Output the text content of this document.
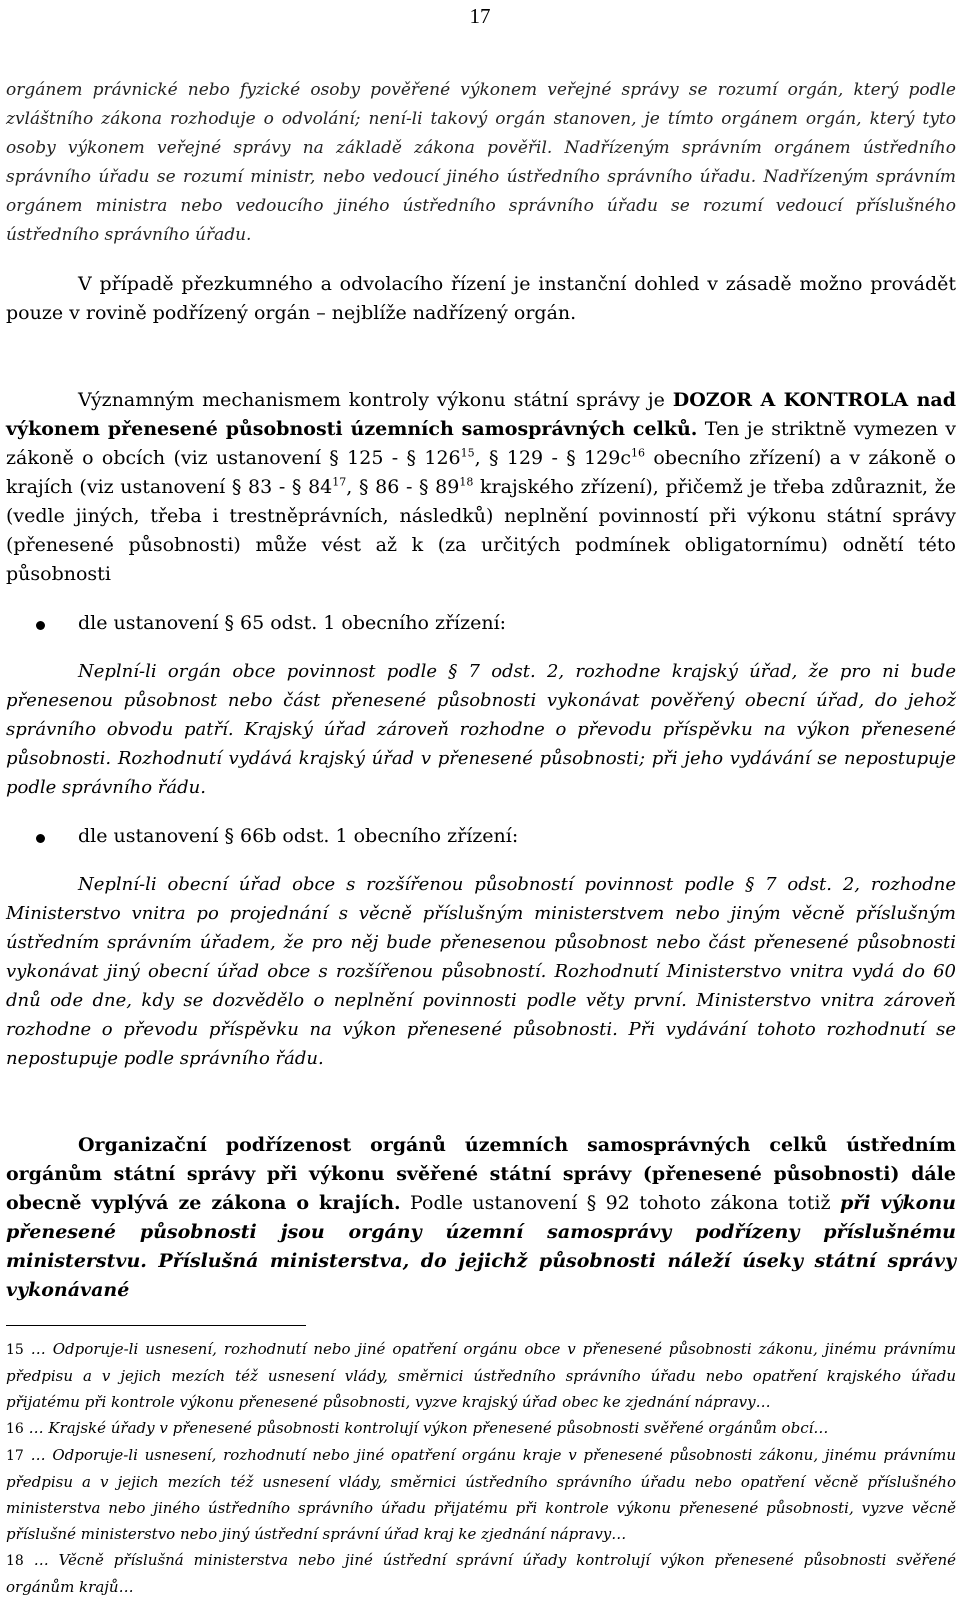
17

orgánem právnické nebo fyzické osoby pověřené výkonem veřejné správy se rozumí orgán, který podle zvláštního zákona rozhoduje o odvolání; není-li takový orgán stanoven, je tímto orgánem orgán, který tyto osoby výkonem veřejné správy na základě zákona pověřil. Nadřízeným správním orgánem ústředního správního úřadu se rozumí ministr, nebo vedoucí jiného ústředního správního úřadu. Nadřízeným správním orgánem ministra nebo vedoucího jiného ústředního správního úřadu se rozumí vedoucí příslušného ústředního správního úřadu.

V případě přezkumného a odvolacího řízení je instanční dohled v zásadě možno provádět pouze v rovině podřízený orgán – nejblíže nadřízený orgán.

Významným mechanismem kontroly výkonu státní správy je DOZOR A KONTROLA nad výkonem přenesené působnosti územních samosprávných celků. Ten je striktně vymezen v zákoně o obcích (viz ustanovení § 125 - § $126^{15}$, § 129 - § $129c^{16}$ obecního zřízení) a v zákoně o krajích (viz ustanovení § 83 - § $84^{17}$, § 86 - § $89^{18}$ krajského zřízení), přičemž je třeba zdůraznit, že (vedle jiných, třeba i trestněprávních, následků) neplnění povinností při výkonu státní správy (přenesené působnosti) může vést až k (za určitých podmínek obligatornímu) odnětí této působnosti

dle ustanovení § 65 odst. 1 obecního zřízení:

Neplní-li orgán obce povinnost podle § 7 odst. 2, rozhodne krajský úřad, že pro ni bude přenesenou působnost nebo část přenesené působnosti vykonávat pověřený obecní úřad, do jehož správního obvodu patří. Krajský úřad zároveň rozhodne o převodu příspěvku na výkon přenesené působnosti. Rozhodnutí vydává krajský úřad v přenesené působnosti; při jeho vydávání se nepostupuje podle správního řádu.

dle ustanovení § 66b odst. 1 obecního zřízení:

Neplní-li obecní úřad obce s rozšířenou působností povinnost podle § 7 odst. 2, rozhodne Ministerstvo vnitra po projednání s věcně příslušným ministerstvem nebo jiným věcně příslušným ústředním správním úřadem, že pro něj bude přenesenou působnost nebo část přenesené působnosti vykonávat jiný obecní úřad obce s rozšířenou působností. Rozhodnutí Ministerstvo vnitra vydá do 60 dnů ode dne, kdy se dozvědělo o neplnění povinnosti podle věty první. Ministerstvo vnitra zároveň rozhodne o převodu příspěvku na výkon přenesené působnosti. Při vydávání tohoto rozhodnutí se nepostupuje podle správního řádu.

Organizační podřízenost orgánů územních samosprávných celků ústředním orgánům státní správy při výkonu svěřené státní správy (přenesené působnosti) dále obecně vyplývá ze zákona o krajích. Podle ustanovení § 92 tohoto zákona totiž při výkonu přenesené působnosti jsou orgány územní samosprávy podřízeny příslušnému ministerstvu. Příslušná ministerstva, do jejichž působnosti náleží úseky státní správy vykonávané

15 … Odporuje-li usnesení, rozhodnutí nebo jiné opatření orgánu obce v přenesené působnosti zákonu, jinému právnímu předpisu a v jejich mezích též usnesení vlády, směrnici ústředního správního úřadu nebo opatření krajského úřadu přijatému při kontrole výkonu přenesené působnosti, vyzve krajský úřad obec ke zjednání nápravy…

16 … Krajské úřady v přenesené působnosti kontrolují výkon přenesené působnosti svěřené orgánům obcí…

17 … Odporuje-li usnesení, rozhodnutí nebo jiné opatření orgánu kraje v přenesené působnosti zákonu, jinému právnímu předpisu a v jejich mezích též usnesení vlády, směrnici ústředního správního úřadu nebo opatření věcně příslušného ministerstva nebo jiného ústředního správního úřadu přijatému při kontrole výkonu přenesené působnosti, vyzve věcně příslušné ministerstvo nebo jiný ústřední správní úřad kraj ke zjednání nápravy…

18 … Věcně příslušná ministerstva nebo jiné ústřední správní úřady kontrolují výkon přenesené působnosti svěřené orgánům krajů…
